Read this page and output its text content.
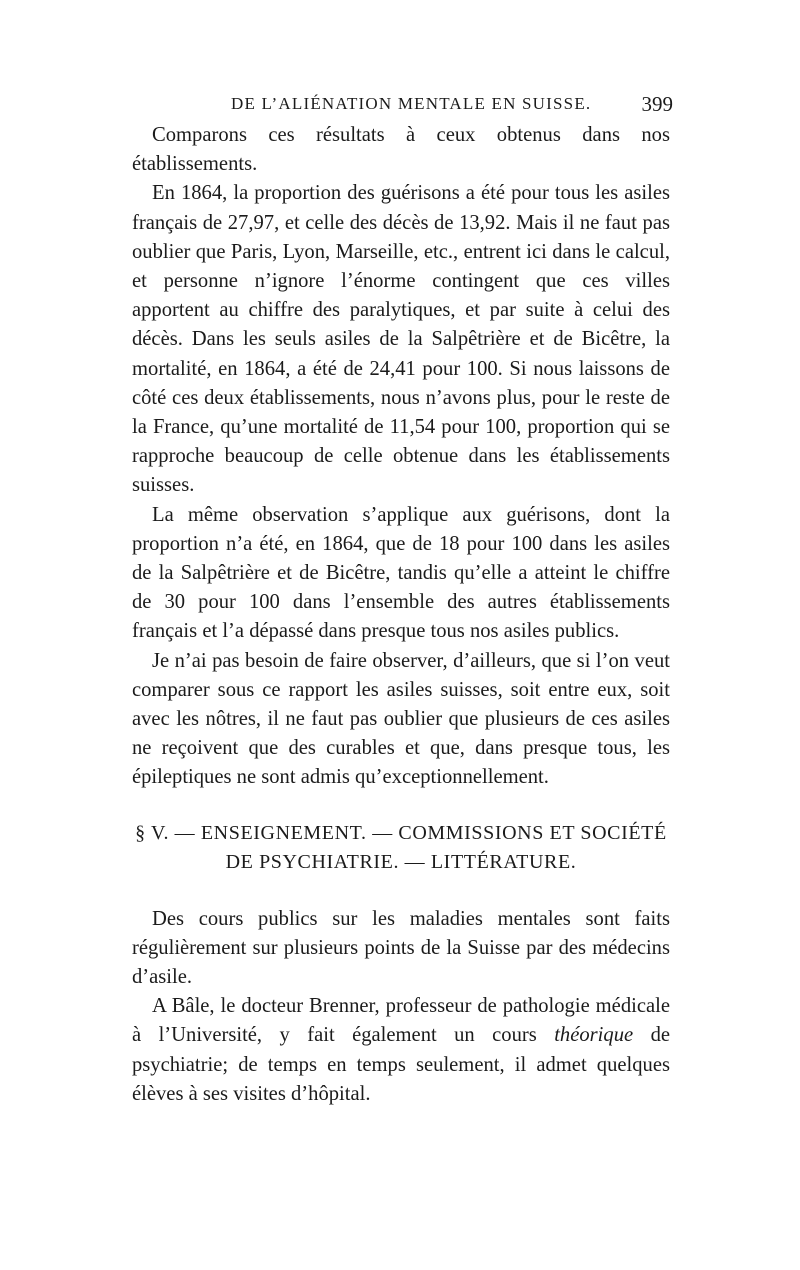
DE L’ALIÉNATION MENTALE EN SUISSE. 399

Comparons ces résultats à ceux obtenus dans nos établissements.

En 1864, la proportion des guérisons a été pour tous les asiles français de 27,97, et celle des décès de 13,92. Mais il ne faut pas oublier que Paris, Lyon, Marseille, etc., entrent ici dans le calcul, et personne n’ignore l’énorme contingent que ces villes apportent au chiffre des paralytiques, et par suite à celui des décès. Dans les seuls asiles de la Salpêtrière et de Bicêtre, la mortalité, en 1864, a été de 24,41 pour 100. Si nous laissons de côté ces deux établissements, nous n’avons plus, pour le reste de la France, qu’une mortalité de 11,54 pour 100, proportion qui se rapproche beaucoup de celle obtenue dans les établissements suisses.

La même observation s’applique aux guérisons, dont la proportion n’a été, en 1864, que de 18 pour 100 dans les asiles de la Salpêtrière et de Bicêtre, tandis qu’elle a atteint le chiffre de 30 pour 100 dans l’ensemble des autres établissements français et l’a dépassé dans presque tous nos asiles publics.

Je n’ai pas besoin de faire observer, d’ailleurs, que si l’on veut comparer sous ce rapport les asiles suisses, soit entre eux, soit avec les nôtres, il ne faut pas oublier que plusieurs de ces asiles ne reçoivent que des curables et que, dans presque tous, les épileptiques ne sont admis qu’exceptionnellement.

§ V. — ENSEIGNEMENT. — COMMISSIONS ET SOCIÉTÉ
DE PSYCHIATRIE. — LITTÉRATURE.

Des cours publics sur les maladies mentales sont faits régulièrement sur plusieurs points de la Suisse par des médecins d’asile.

A Bâle, le docteur Brenner, professeur de pathologie médicale à l’Université, y fait également un cours théorique de psychiatrie; de temps en temps seulement, il admet quelques élèves à ses visites d’hôpital.
